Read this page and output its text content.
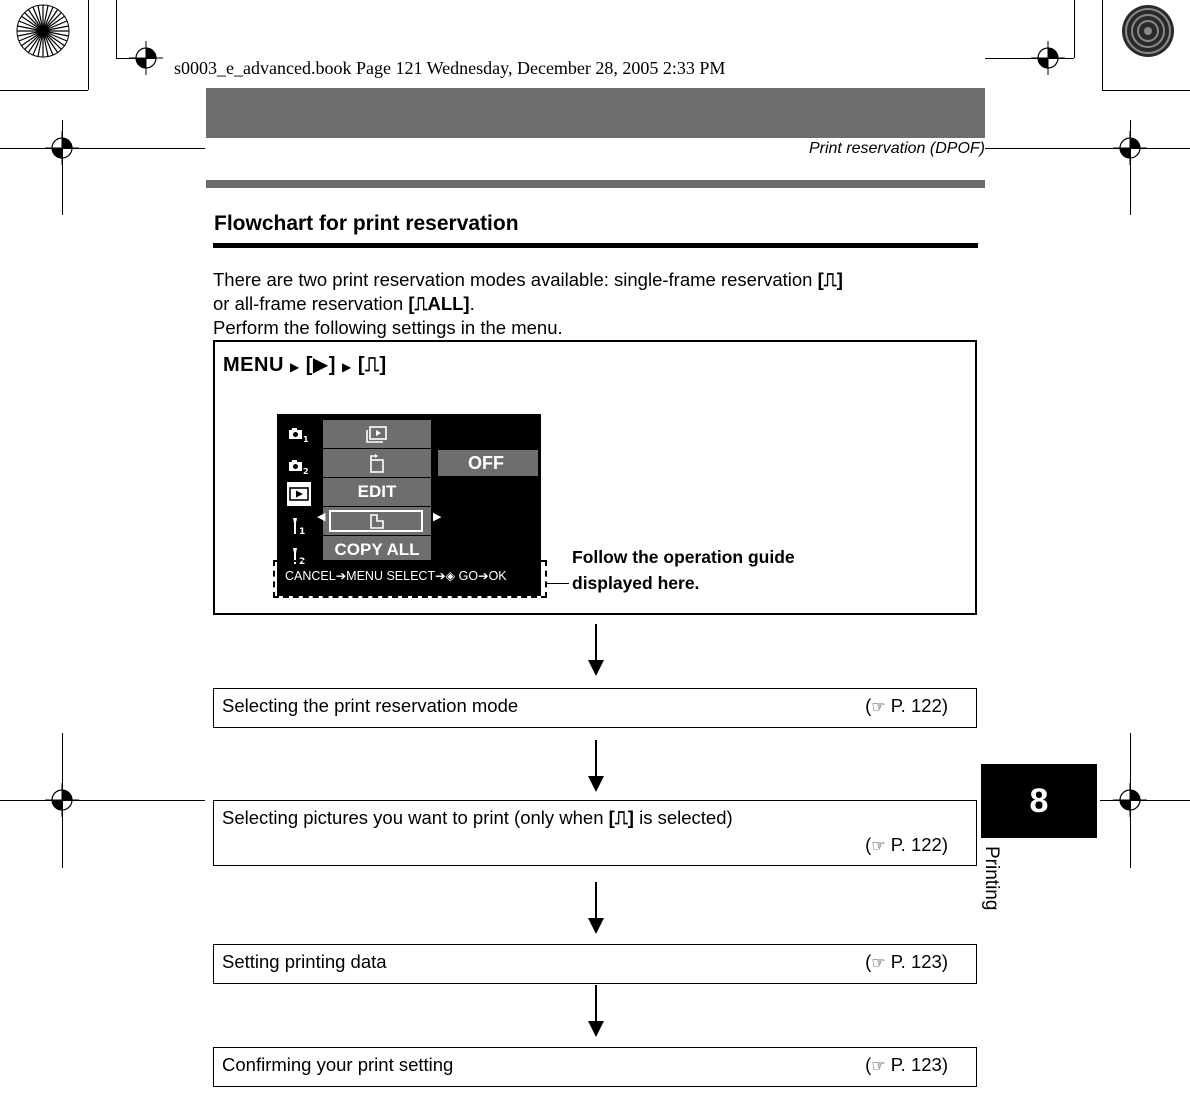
s0003_e_advanced.book Page 121 Wednesday, December 28, 2005 2:33 PM
Print reservation (DPOF)
Flowchart for print reservation
There are two print reservation modes available: single-frame reservation [⎍]
or all-frame reservation [⎍ALL].
Perform the following settings in the menu.
MENU ▶ [▶] ▶ [⎍]
1
2
1
2
EDIT
COPY ALL
◀	▶
OFF
CANCEL➔MENU SELECT➔◈ GO➔OK
Follow the operation guide
displayed here.
Selecting the print reservation mode	(☞ P. 122)
Selecting pictures you want to print (only when [⎍] is selected)
(☞ P. 122)
Setting printing data	(☞ P. 123)
Confirming your print setting	(☞ P. 123)
8
Printing
